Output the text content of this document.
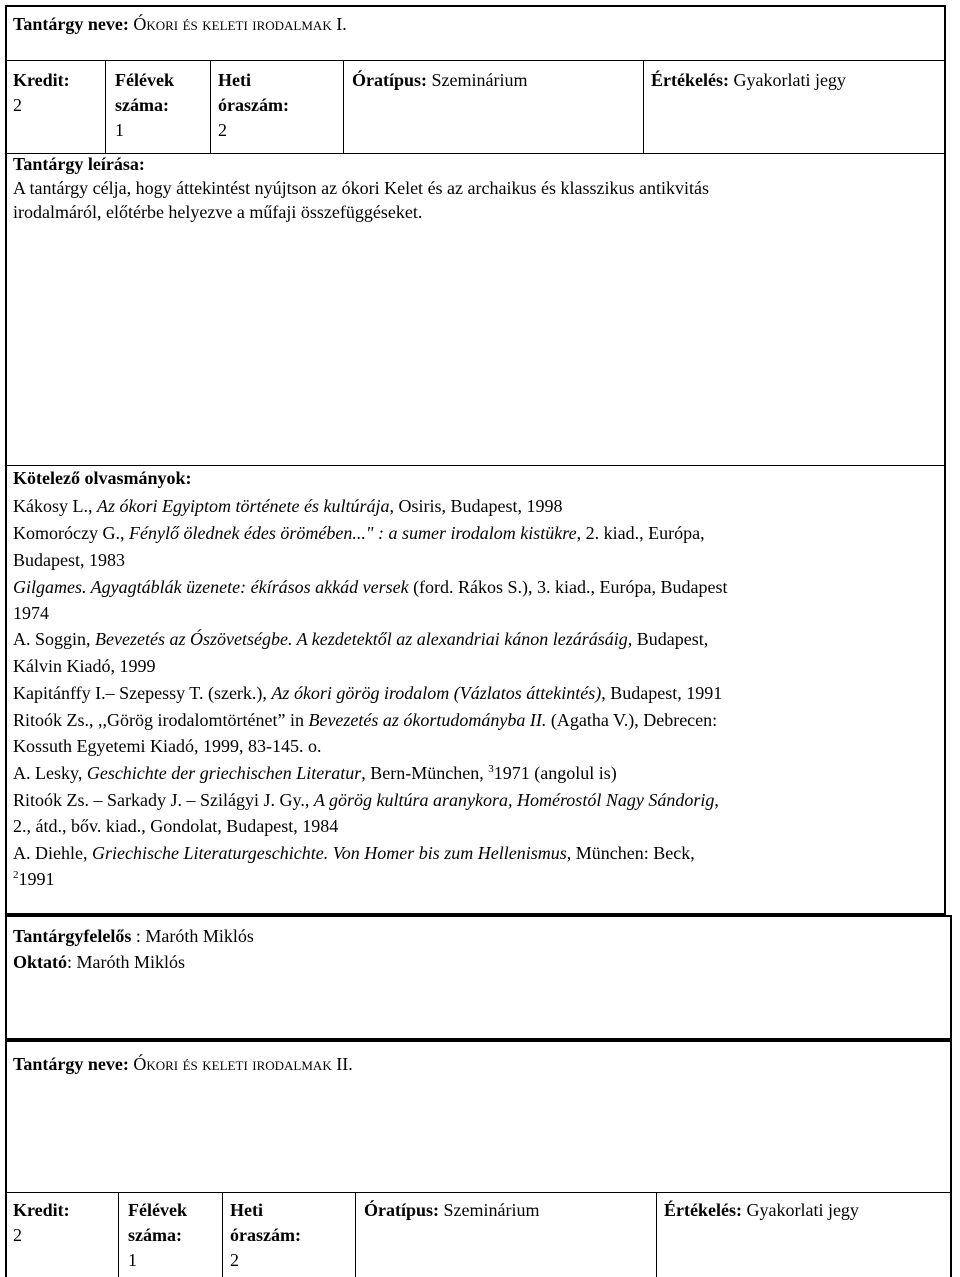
Tantárgy neve: Ókori és keleti irodalmak I.
Kredit:
2
Félévek
száma:
1
Heti
óraszám:
2
Óratípus: Szeminárium	Értékelés: Gyakorlati jegy
Tantárgy leírása:
A tantárgy célja, hogy áttekintést nyújtson az ókori Kelet és az archaikus és klasszikus antikvitás
irodalmáról, előtérbe helyezve a műfaji összefüggéseket.
Kötelező olvasmányok:
Kákosy L., Az ókori Egyiptom története és kultúrája, Osiris, Budapest, 1998
Komoróczy G., Fénylő ölednek édes örömében..." : a sumer irodalom kistükre, 2. kiad., Európa,
Budapest, 1983
Gilgames. Agyagtáblák üzenete: ékírásos akkád versek (ford. Rákos S.), 3. kiad., Európa, Budapest
1974
A. Soggin, Bevezetés az Ószövetségbe. A kezdetektől az alexandriai kánon lezárásáig, Budapest,
Kálvin Kiadó, 1999
Kapitánffy I.– Szepessy T. (szerk.), Az ókori görög irodalom (Vázlatos áttekintés), Budapest, 1991
Ritoók Zs., ,,Görög irodalomtörténet” in Bevezetés az ókortudományba II. (Agatha V.), Debrecen:
Kossuth Egyetemi Kiadó, 1999, 83-145. o.
A. Lesky, Geschichte der griechischen Literatur, Bern-München, $^3$1971 (angolul is)
Ritoók Zs. – Sarkady J. – Szilágyi J. Gy., A görög kultúra aranykora, Homérostól Nagy Sándorig,
2., átd., bőv. kiad., Gondolat, Budapest, 1984
A. Diehle, Griechische Literaturgeschichte. Von Homer bis zum Hellenismus, München: Beck,
$^2$1991
Tantárgyfelelős : Maróth Miklós
Oktató: Maróth Miklós
Tantárgy neve: Ókori és keleti irodalmak II.
Kredit:
2
Félévek
száma:
1
Heti
óraszám:
2
Óratípus: Szeminárium	Értékelés: Gyakorlati jegy
